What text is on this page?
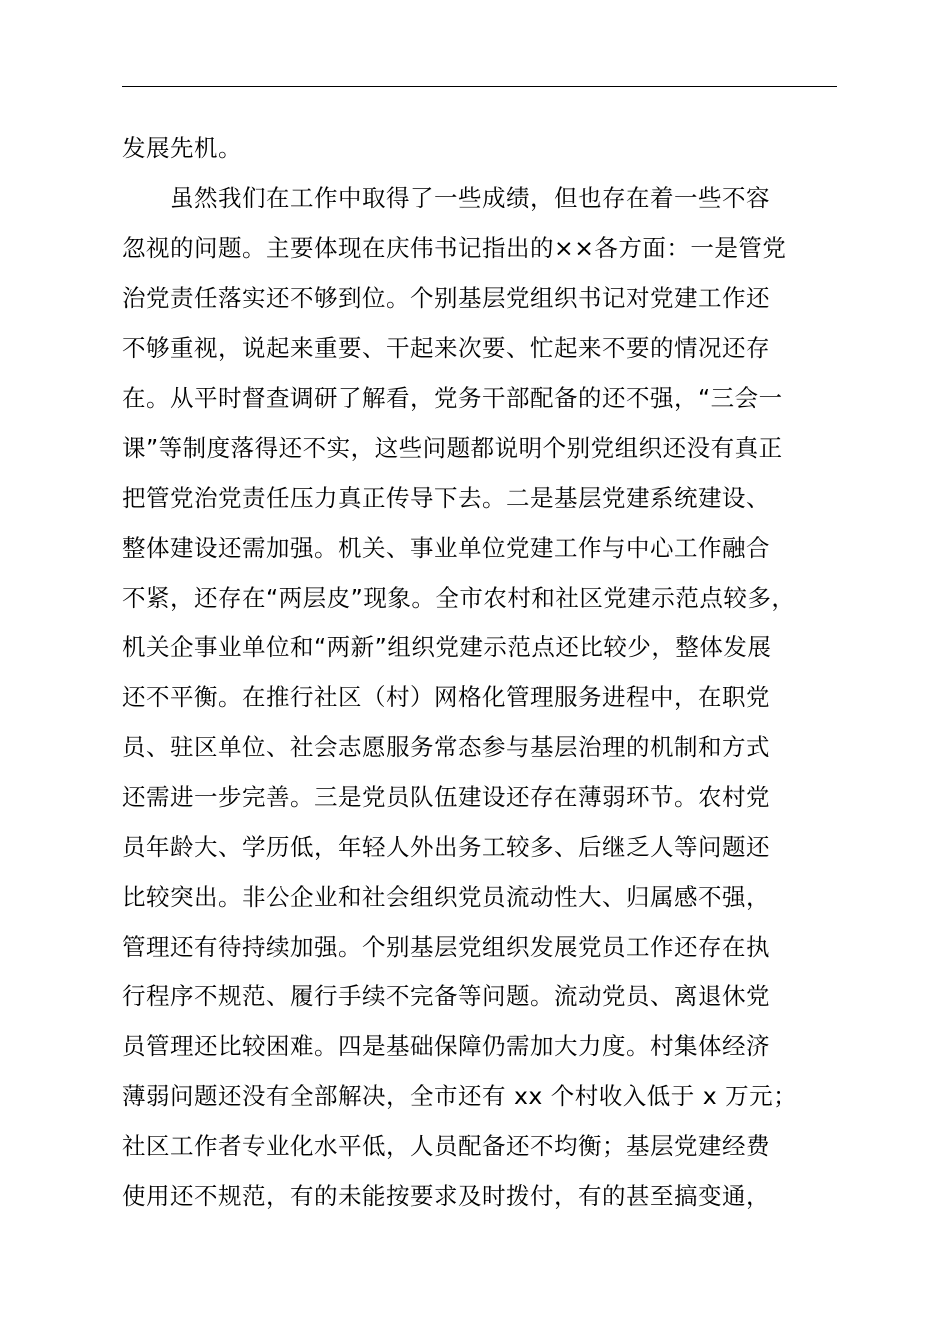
发展先机。
　　虽然我们在工作中取得了一些成绩，但也存在着一些不容
忽视的问题。主要体现在庆伟书记指出的××各方面：一是管党
治党责任落实还不够到位。个别基层党组织书记对党建工作还
不够重视，说起来重要、干起来次要、忙起来不要的情况还存
在。从平时督查调研了解看，党务干部配备的还不强，“三会一
课”等制度落得还不实，这些问题都说明个别党组织还没有真正
把管党治党责任压力真正传导下去。二是基层党建系统建设、
整体建设还需加强。机关、事业单位党建工作与中心工作融合
不紧，还存在“两层皮”现象。全市农村和社区党建示范点较多，
机关企事业单位和“两新”组织党建示范点还比较少，整体发展
还不平衡。在推行社区（村）网格化管理服务进程中，在职党
员、驻区单位、社会志愿服务常态参与基层治理的机制和方式
还需进一步完善。三是党员队伍建设还存在薄弱环节。农村党
员年龄大、学历低，年轻人外出务工较多、后继乏人等问题还
比较突出。非公企业和社会组织党员流动性大、归属感不强，
管理还有待持续加强。个别基层党组织发展党员工作还存在执
行程序不规范、履行手续不完备等问题。流动党员、离退休党
员管理还比较困难。四是基础保障仍需加大力度。村集体经济
薄弱问题还没有全部解决，全市还有 xx 个村收入低于 x 万元；
社区工作者专业化水平低，人员配备还不均衡；基层党建经费
使用还不规范，有的未能按要求及时拨付，有的甚至搞变通，
